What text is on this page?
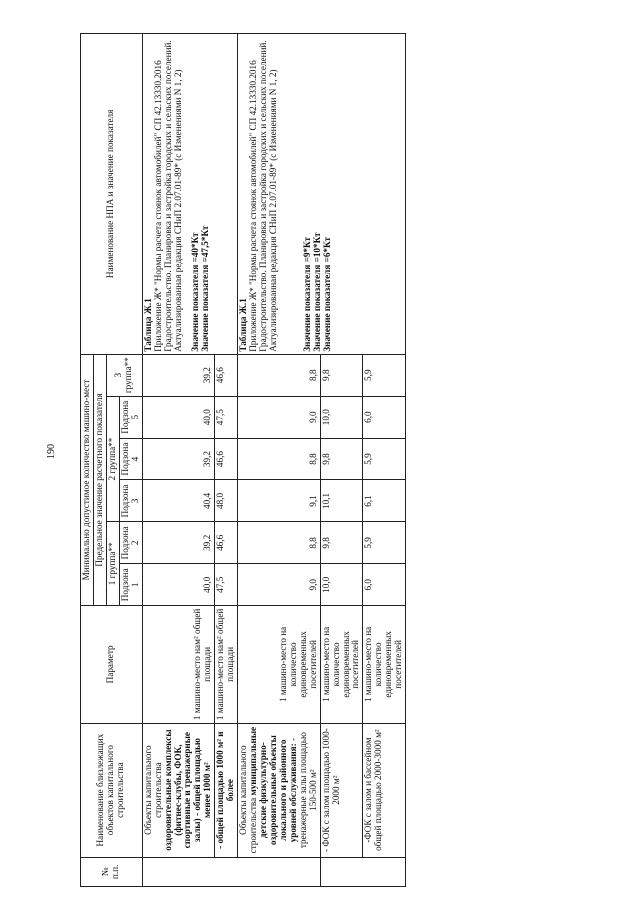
190
№ п.п.	Наименование близлежащих объектов капитального строительства	Параметр	Минимально допустимое количество машино-мест						Наименование НПА и значение показателя
			Предельное значение расчетного показателя						
			1 группа**		2 группа**			3 группа**	
			Подзона 1	Подзона 2	Подзона 3	Подзона 4	Подзона 5		
	Объекты капитального строительства оздоровительные комплексы (фитнес-клубы, ФОК, спортивные и тренажерные залы) - общей площадью менее 1000 м²	1 машино-место нам² общей площади	40,0	39,2	40,4	39,2	40,0	39,2	Таблица Ж.1 Приложение Ж* "Нормы расчета стоянок автомобилей" СП 42.13330.2016 Градостроительство. Планировка и застройка городских и сельских поселений. Актуализированная редакция СНиП 2.07.01-89* (с Изменениями N 1, 2) Значение показателя =40*Кт Значение показателя =47,5*Кт

	- общей площадью 1000 м² и более	1 машино-место нам² общей площади	47,5	46,6	48,0	46,6	47,5	46,6	
	Объекты капитального строительства муниципальные детские физкультурно-оздоровительные объекты локального и районного уровней обслуживания: - тренажерные залы площадью 150-500 м²	1 машино-место на количество единовременных посетителей	9,0	8,8	9,1	8,8	9,0	8,8	Таблица Ж.1 Приложение Ж* "Нормы расчета стоянок автомобилей" СП 42.13330.2016 Градостроительство. Планировка и застройка городских и сельских поселений. Актуализированная редакция СНиП 2.07.01-89* (с Изменениями N 1, 2) Значение показателя =9*Кт Значение показателя =10*Кт Значение показателя =6*Кт

	- ФОК с залом площадью 1000-2000 м²	1 машино-место на количество единовременных посетителей	10,0	9,8	10,1	9,8	10,0	9,8	
	-ФОК с залом и бассейном общей площадью 2000-3000 м²	1 машино-место на количество единовременных посетителей	6,0	5,9	6,1	5,9	6,0	5,9	
